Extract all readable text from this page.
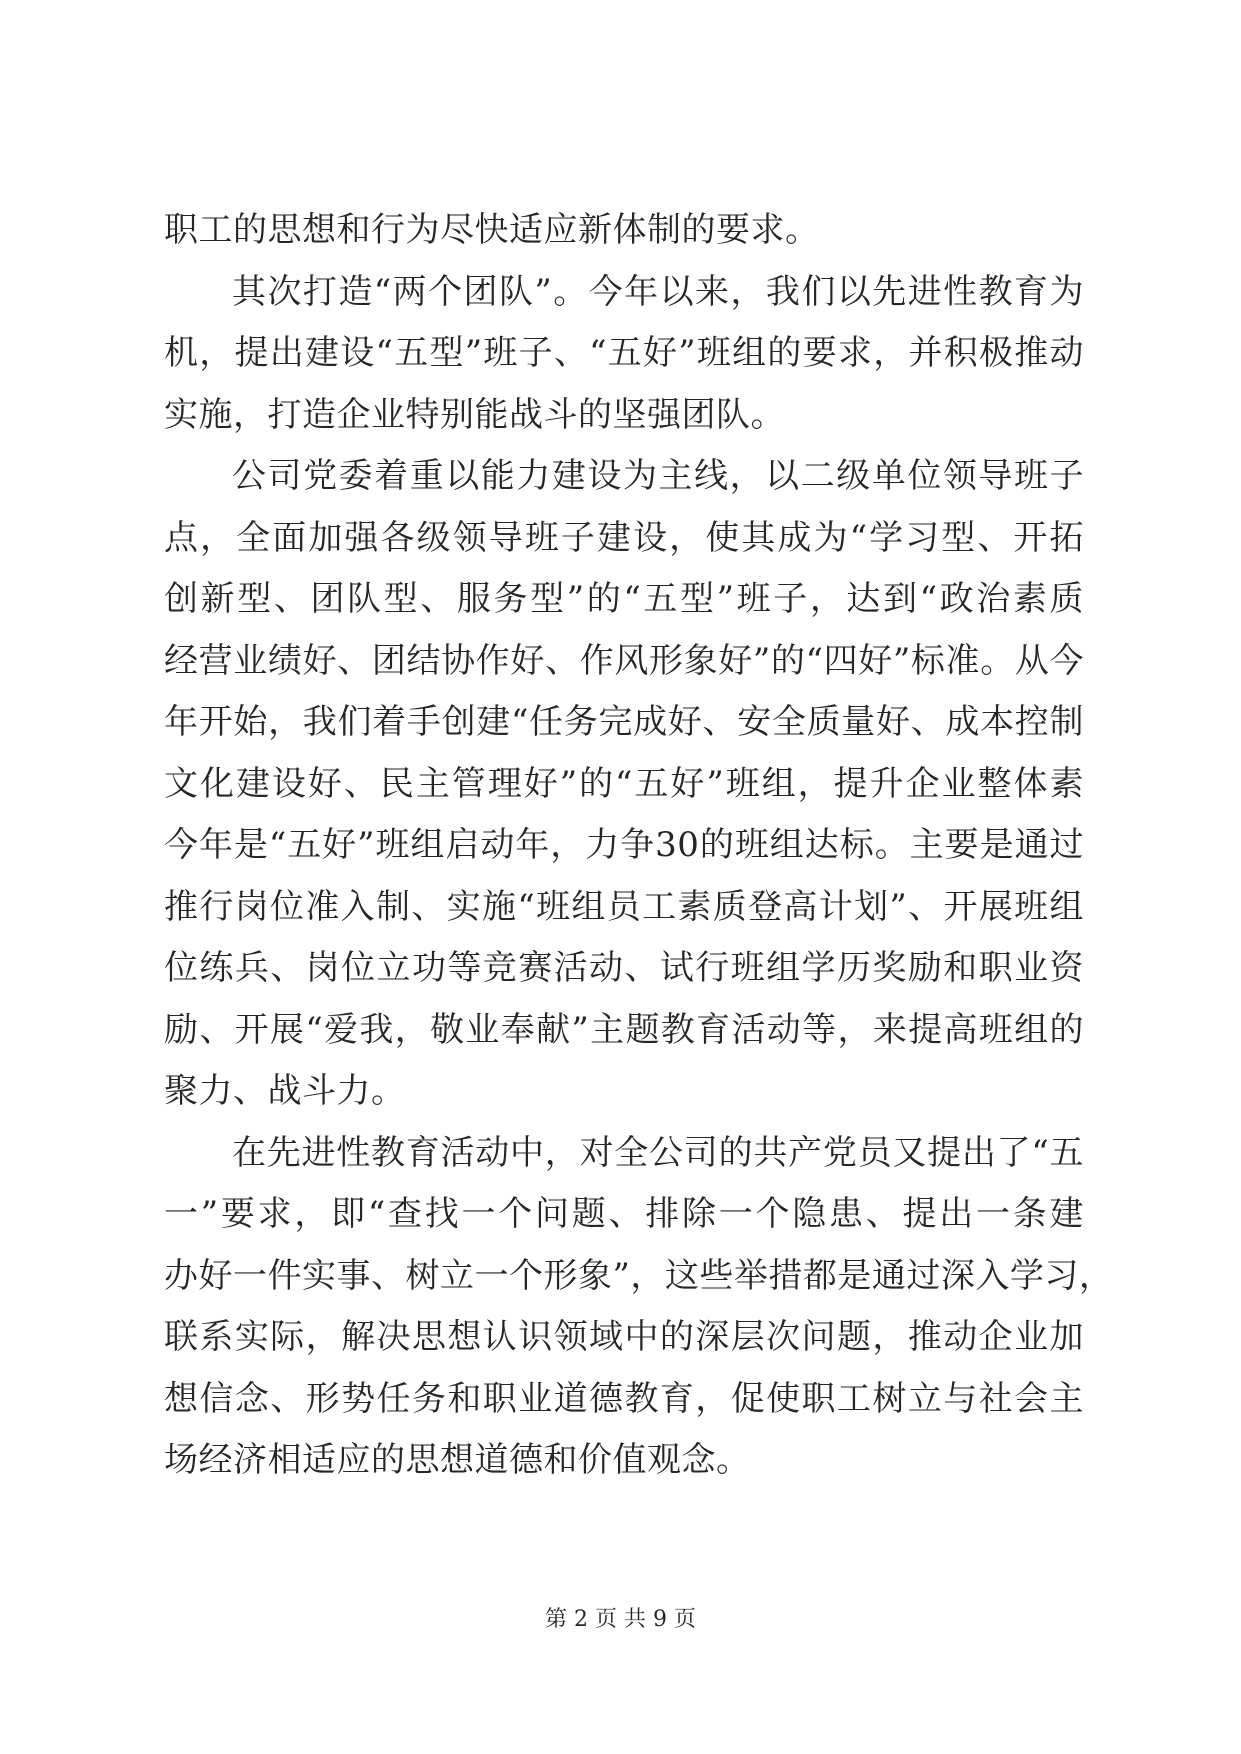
职工的思想和行为尽快适应新体制的要求。
其次打造“两个团队”。今年以来，我们以先进性教育为
机，提出建设“五型”班子、“五好”班组的要求，并积极推动
实施，打造企业特别能战斗的坚强团队。
公司党委着重以能力建设为主线，以二级单位领导班子
点，全面加强各级领导班子建设，使其成为“学习型、开拓
创新型、团队型、服务型”的“五型”班子，达到“政治素质
经营业绩好、团结协作好、作风形象好”的“四好”标准。从今
年开始，我们着手创建“任务完成好、安全质量好、成本控制
文化建设好、民主管理好”的“五好”班组，提升企业整体素
今年是“五好”班组启动年，力争30的班组达标。主要是通过
推行岗位准入制、实施“班组员工素质登高计划”、开展班组
位练兵、岗位立功等竞赛活动、试行班组学历奖励和职业资
励、开展“爱我，敬业奉献”主题教育活动等，来提高班组的
聚力、战斗力。
在先进性教育活动中，对全公司的共产党员又提出了“五
一”要求，即“查找一个问题、排除一个隐患、提出一条建
办好一件实事、树立一个形象”，这些举措都是通过深入学习，
联系实际，解决思想认识领域中的深层次问题，推动企业加
想信念、形势任务和职业道德教育，促使职工树立与社会主
场经济相适应的思想道德和价值观念。
第 2 页 共 9 页
